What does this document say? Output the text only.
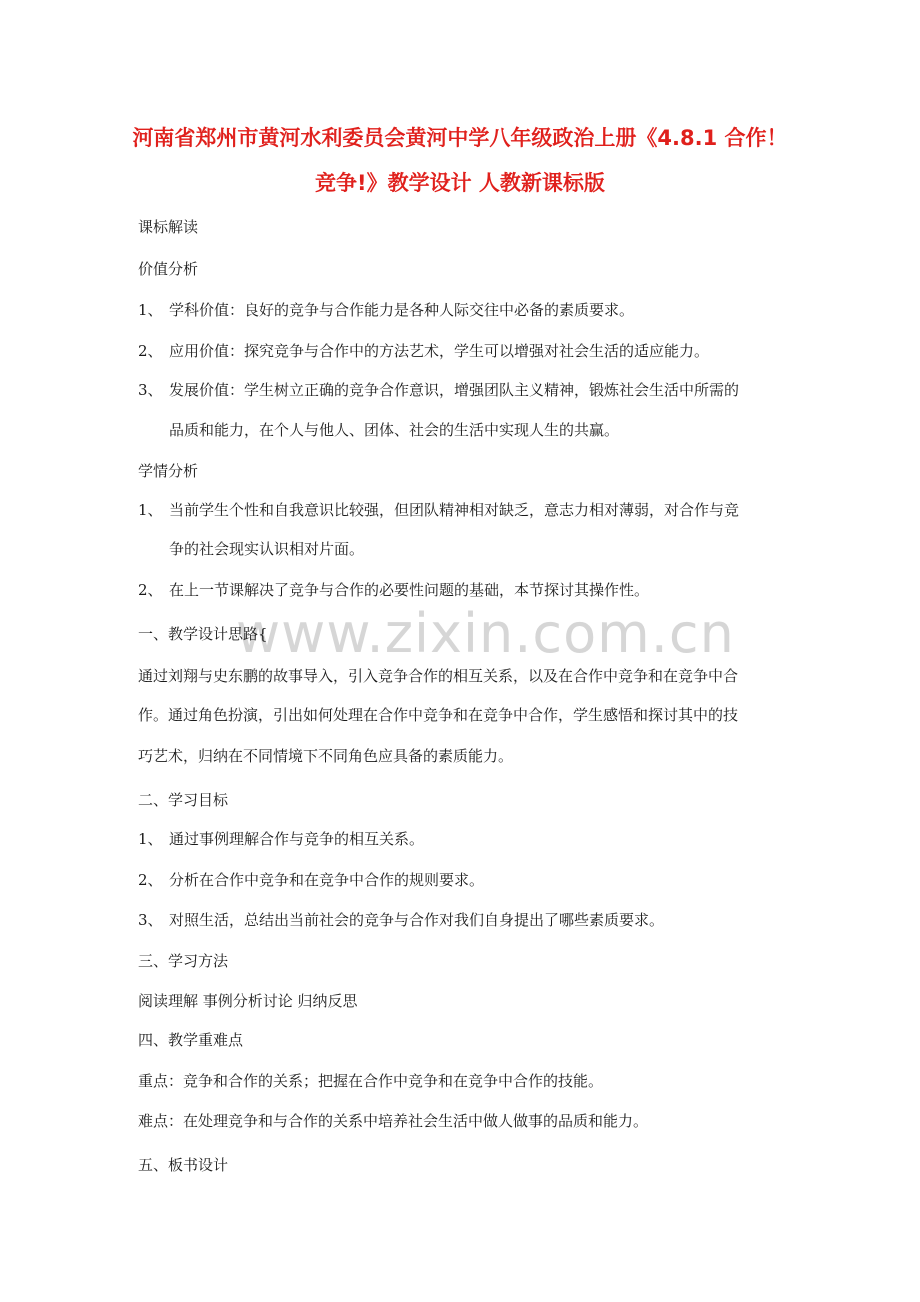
河南省郑州市黄河水利委员会黄河中学八年级政治上册《4.8.1 合作！竞争!》教学设计 人教新课标版
www.zixin.com.cn
课标解读
价值分析
1、 学科价值：良好的竞争与合作能力是各种人际交往中必备的素质要求。
2、 应用价值：探究竞争与合作中的方法艺术，学生可以增强对社会生活的适应能力。
3、 发展价值：学生树立正确的竞争合作意识，增强团队主义精神，锻炼社会生活中所需的
品质和能力，在个人与他人、团体、社会的生活中实现人生的共赢。
学情分析
1、 当前学生个性和自我意识比较强，但团队精神相对缺乏，意志力相对薄弱，对合作与竞
争的社会现实认识相对片面。
2、 在上一节课解决了竞争与合作的必要性问题的基础，本节探讨其操作性。
一、教学设计思路{
通过刘翔与史东鹏的故事导入，引入竞争合作的相互关系，以及在合作中竞争和在竞争中合
作。通过角色扮演，引出如何处理在合作中竞争和在竞争中合作，学生感悟和探讨其中的技
巧艺术，归纳在不同情境下不同角色应具备的素质能力。
二、学习目标
1、 通过事例理解合作与竞争的相互关系。
2、 分析在合作中竞争和在竞争中合作的规则要求。
3、 对照生活，总结出当前社会的竞争与合作对我们自身提出了哪些素质要求。
三、学习方法
阅读理解 事例分析讨论 归纳反思
四、教学重难点
重点：竞争和合作的关系；把握在合作中竞争和在竞争中合作的技能。
难点：在处理竞争和与合作的关系中培养社会生活中做人做事的品质和能力。
五、板书设计
